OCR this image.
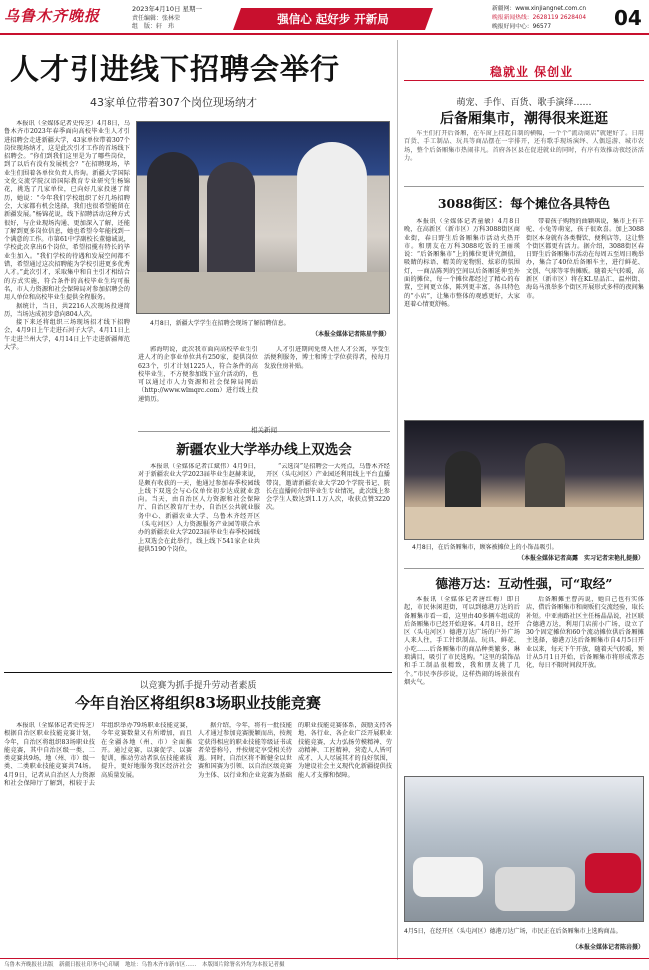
乌鲁木齐晚报	2023年4月10日 星期一
责任编辑：张林荣
组　版：轩　玮
强信心 起好步 开新局
新疆网：www.xinjiangnet.com.cn
晚报新闻热线：2628119 2628404
晚报好同中心：96577	04
人才引进线下招聘会举行
43家单位带着307个岗位现场纳才

本报讯（全媒体记者史传芝）4月8日，乌鲁木齐市2023年春季面向高校毕业生人才引进招聘会走进新疆大学，43家单位带着307个岗位现场纳才，这是此次引才工作的首场线下招聘会。“你们到我们这里是为了哪些岗位，到了以后有没有发展机会？”在招聘现场，毕业生们围着各单位负责人咨询。新疆大学国际文化交流学院汉语国际教育专业研究生杨锦花，挑选了几家单位，已向好几家投递了简历，她说：“今年我们学校组织了好几场招聘会，大家都有机会选择，我们也很希望能留在新疆发展。”杨锦花说，线下招聘活动这种方式很好，与企业现场沟通、更加深入了解，还能了解到更多岗位信息，她也希望今年能找到一个满意的工作。市第61中学副校长董德诚说，学校此次拿出6个岗位，希望招揽有特长的毕业生加入。“我们学校的待遇和发展空间都不错，希望通过这次招聘能为学校引进更多优秀人才。”此次引才，采取集中和自主引才相结合的方式实施，符合条件的高校毕业生均可报名，市人力资源和社会保障局对参加招聘会的用人单位和高校毕业生提供全程服务。

据统计，当日，共2216人次现场投递简历，当场达成初步意向804人次。

接下来还将组织三场现场招才线下招聘会，4月9日上午走进石河子大学，4月11日上午走进兰州大学，4月14日上午走进新疆师范大学。

4月8日，新疆大学学生在招聘会现场了解招聘信息。
（本报全媒体记者陈星宇摄）

郭海明说，此次我市面向高校毕业生引进人才的企事业单位共有250家，提供岗位623个，引才计划1225人，符合条件的高校毕业生，不方便参加线下宣介活动的，也可以通过市人力资源和社会保障局网站（http://www.wlmqrc.com）进行线上投递简历。

人才引进期间免费入住人才公寓，享受生活便利服务，博士和博士学位获得者，按每月发放住房补贴。

相关新闻
新疆农业大学举办线上双选会

本报讯（全媒体记者江斌伟）4月9日，对于新疆农业大学2023届毕业生赵赫来说，是颇有收获的一天，他通过参加春季校园线上线下双选会与心仪单位初步达成就业意向。当天，由自治区人力资源和社会保障厅、自治区教育厅主办，自治区公共就业服务中心、新疆农业大学、乌鲁木齐经开区（头屯河区）人力资源服务产业园等联合承办的新疆农业大学2023届毕业生春季校园线上双选会在此举行，线上线下541家企业共提供5190个岗位。

“云选岗”是招聘会一大亮点，乌鲁木齐经开区（头屯河区）产业园还利用线上平台直播带岗，邀请新疆农业大学20个学院书记、院长在直播间介绍毕业生专业情况，此次线上参会学生人数达到1.1万人次，收获点赞3220次。

以竞赛为抓手提升劳动者素质
今年自治区将组织83场职业技能竞赛

本报讯（全媒体记者史传芝）根据自治区职业技能竞赛计划，今年，自治区将组织83场职业技能竞赛，其中自治区级一类、二类竞赛共9场，地（州、市）级一类、二类职业技能竞赛共74场。4月9日，记者从自治区人力资源和社会保障厅了解到，相较于去年组织举办79场职业技能竞赛，今年竞赛数量又有所增加，而且在全疆各地（州、市）全面推开。通过竞赛，以赛促学、以赛促训，推动劳动者队伍技能素质提升，更好地服务我区经济社会高质量发展。

据介绍，今年，将有一批技能人才通过参加竞赛脱颖而出，按规定获得相应的职业技能等级证书或者荣誉称号，并按规定享受相关待遇。同时，自治区将不断健全以世赛和国赛为引领、以自治区级竞赛为主体、以行业和企业竞赛为基础的职业技能竞赛体系，鼓励支持各地、各行业、各企业广泛开展职业技能竞赛，大力弘扬劳模精神、劳动精神、工匠精神，营造人人皆可成才、人人尽展其才的良好氛围，为建设社会主义现代化新疆提供技能人才支撑和保障。

稳就业 保创业
萌宠、手作、百货、歌手演绎……
后备厢集市，潮得很来逛逛

车主们打开后备厢，在车窗上挂起自制的横幅，一个个“流动商店”就建好了。日用百货、手工制品、玩具等商品摆在一字排开，还有歌手现场演绎、人偶巡游、城市农场，整个后备厢集市热闹非凡。首府各区县在促进就业的同时，有序有效推动夜经济活力。

3088街区：每个摊位各具特色

本报讯（全媒体记者童敏）4月8日晚，在高新区（新市区）万科3088街区商业街，春日野生后备厢集市活动火热开市。和朋友在万科3088吃饭的王丽瑛说：“后备厢集市”上的摊位更讲究颜值，吸睛的标语、精美的宠物照、炫彩的氛围灯，一商品陈列的空间以后备厢延伸至外面的摊位，每一个摊位都经过了精心的布置，空间更立体，陈列更丰富，各具特色的“小店”，让集市整体的观感更好，大家逛着心情更舒畅。

带着孩子购物的曲颖琪说，集市上有羊驼、小兔等萌宠，孩子很欢喜。加上3088街区本身就有各类餐饮、便利店等，这让整个街区都更有活力。据介绍，3088街区春日野生后备厢集市活动在每周五至周日晚举办，集合了40位后备厢车主，进行鲜花、文创、气球等零售摊贩。随着天气转暖，高新区（新市区）将在KL星品汇、温州街、海岛马浪举多个街区开展形式多样的夜间集市。

4月8日，在后备厢集市，顾客被摊位上的小饰品吸引。
（本报全媒体记者高露　实习记者宋艳扎提摄）
德港万达：互动性强，可“取经”

本报讯（全媒体记者唐红梅）即日起，市民休闲逛街，可以到德港万达的后备厢集市看一看，这里由40多辆车组成的后备厢集市已经开始迎客。4月8日，经开区（头屯河区）德港万达广场的户外广场人来人往，手工针织制品、玩具、鲜花、小吃……后备厢集市的商品种类繁多，琳琅满目，吸引了市民选购。“这里的装饰品和手工制品很精致，我和朋友挑了几个。”市民李莎莎说，这样热闹的场景很有烟火气。

后备厢摊主曹芮说，她自己也有实体店，借后备厢集市和商贩们交流经验，取长补短。中亚南路社区主任杨晶晶说，社区联合德港万达，利用门店前小广场，设立了30个固定摊位和60个流动摊位供后备厢摊主选择，德港万达后备厢集市自4月5日开业以来，每天下午开放，随着天气转暖，预计从5月1日开始，后备厢集市将形成常态化，每日不限时间段开放。

4月5日，在经开区（头屯河区）德港万达广场，市民正在后备厢集市上选购商品。
（本报全媒体记者陈岩摄）
乌鲁木齐晚报社出版　新疆日报社印务中心印刷　地址：乌鲁木齐市新市区……　本版图片除署名外均为本报记者摄
